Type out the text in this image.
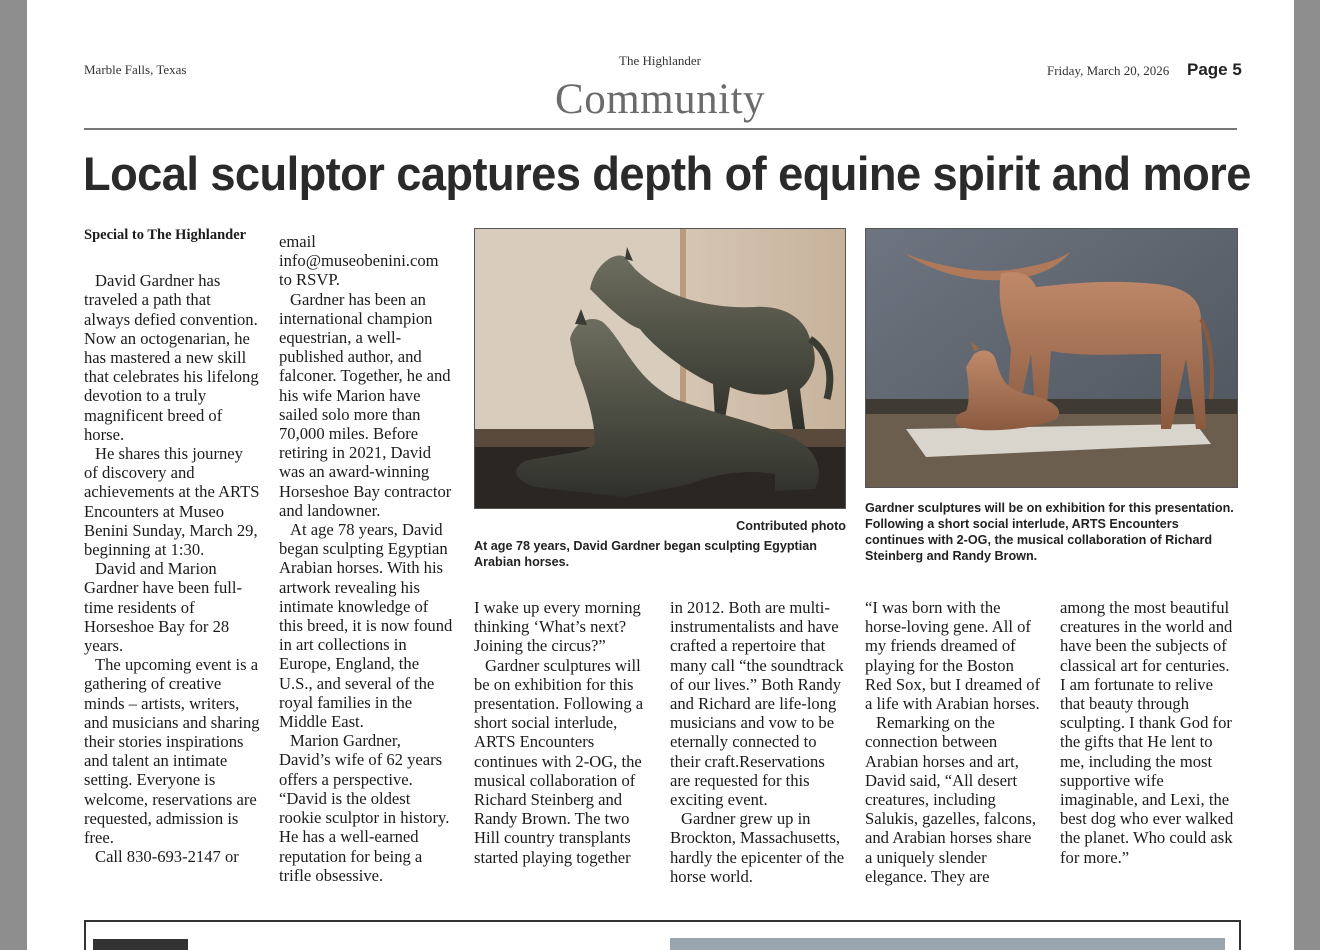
Marble Falls, Texas
The Highlander
Community
Friday, March 20, 2026 Page 5
Local sculptor captures depth of equine spirit and more

Special to The Highlander

David Gardner has traveled a path that always defied convention. Now an octogenarian, he has mastered a new skill that celebrates his lifelong devotion to a truly magnificent breed of horse.

He shares this journey of discovery and achievements at the ARTS Encounters at Museo Benini Sunday, March 29, beginning at 1:30.

David and Marion Gardner have been full-time residents of Horseshoe Bay for 28 years.

The upcoming event is a gathering of creative minds – artists, writers, and musicians and sharing their stories inspirations and talent an intimate setting. Everyone is welcome, reservations are requested, admission is free.

Call 830-693-2147 or

email info@museobenini.com to RSVP.

Gardner has been an international champion equestrian, a well-published author, and falconer. Together, he and his wife Marion have sailed solo more than 70,000 miles. Before retiring in 2021, David was an award-winning Horseshoe Bay contractor and landowner.

At age 78 years, David began sculpting Egyptian Arabian horses. With his artwork revealing his intimate knowledge of this breed, it is now found in art collections in Europe, England, the U.S., and several of the royal families in the Middle East.

Marion Gardner, David’s wife of 62 years offers a perspective. “David is the oldest rookie sculptor in history. He has a well-earned reputation for being a trifle obsessive.

Contributed photo
At age 78 years, David Gardner began sculpting Egyptian Arabian horses.
Gardner sculptures will be on exhibition for this presentation. Following a short social interlude, ARTS Encounters continues with 2-OG, the musical collaboration of Richard Steinberg and Randy Brown.

I wake up every morning thinking ‘What’s next? Joining the circus?”

Gardner sculptures will be on exhibition for this presentation. Following a short social interlude, ARTS Encounters continues with 2-OG, the musical collaboration of Richard Steinberg and Randy Brown. The two Hill country transplants started playing together

in 2012. Both are multi-instrumentalists and have crafted a repertoire that many call “the soundtrack of our lives.” Both Randy and Richard are life-long musicians and vow to be eternally connected to their craft.Reservations are requested for this exciting event.

Gardner grew up in Brockton, Massachusetts, hardly the epicenter of the horse world.

“I was born with the horse-loving gene. All of my friends dreamed of playing for the Boston Red Sox, but I dreamed of a life with Arabian horses.

Remarking on the connection between Arabian horses and art, David said, “All desert creatures, including Salukis, gazelles, falcons, and Arabian horses share a uniquely slender elegance. They are

among the most beautiful creatures in the world and have been the subjects of classical art for centuries. I am fortunate to relive that beauty through sculpting. I thank God for the gifts that He lent to me, including the most supportive wife imaginable, and Lexi, the best dog who ever walked the planet. Who could ask for more.”
